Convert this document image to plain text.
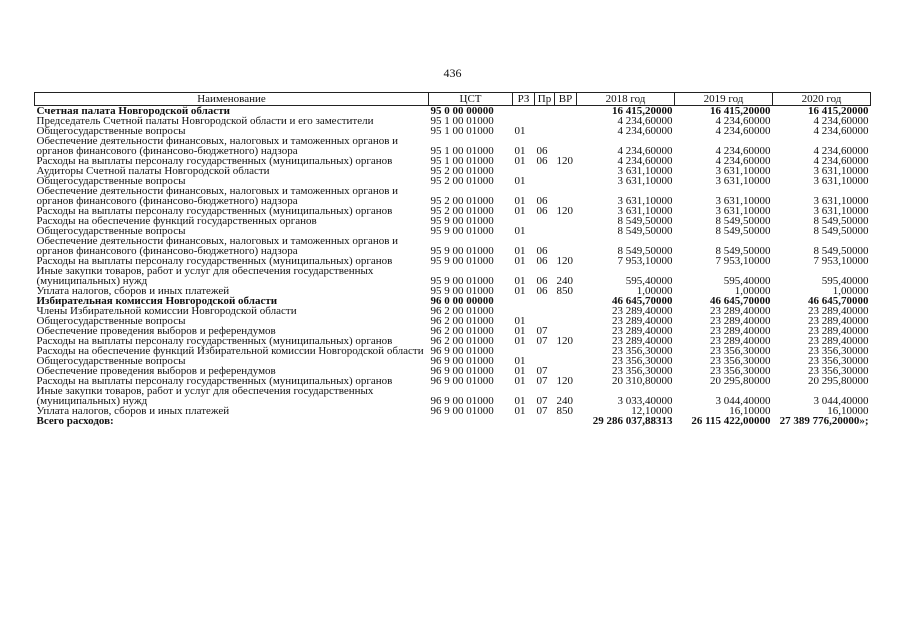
436
Наименование	ЦСТ	РЗ	Пр	ВР	2018 год	2019 год	2020 год
Счетная палата Новгородской области	95 0 00 00000				16 415,20000	16 415,20000	16 415,20000
Председатель Счетной палаты Новгородской области и его заместители	95 1 00 01000				4 234,60000	4 234,60000	4 234,60000
Общегосударственные вопросы	95 1 00 01000	01			4 234,60000	4 234,60000	4 234,60000
Обеспечение деятельности финансовых, налоговых и таможенных органов и органов финансового (финансово-бюджетного) надзора	95 1 00 01000	01	06		4 234,60000	4 234,60000	4 234,60000
Расходы на выплаты персоналу государственных (муниципальных) органов	95 1 00 01000	01	06	120	4 234,60000	4 234,60000	4 234,60000
Аудиторы Счетной палаты Новгородской области	95 2 00 01000				3 631,10000	3 631,10000	3 631,10000
Общегосударственные вопросы	95 2 00 01000	01			3 631,10000	3 631,10000	3 631,10000
Обеспечение деятельности финансовых, налоговых и таможенных органов и органов финансового (финансово-бюджетного) надзора	95 2 00 01000	01	06		3 631,10000	3 631,10000	3 631,10000
Расходы на выплаты персоналу государственных (муниципальных) органов	95 2 00 01000	01	06	120	3 631,10000	3 631,10000	3 631,10000
Расходы на обеспечение функций государственных органов	95 9 00 01000				8 549,50000	8 549,50000	8 549,50000
Общегосударственные вопросы	95 9 00 01000	01			8 549,50000	8 549,50000	8 549,50000
Обеспечение деятельности финансовых, налоговых и таможенных органов и органов финансового (финансово-бюджетного) надзора	95 9 00 01000	01	06		8 549,50000	8 549,50000	8 549,50000
Расходы на выплаты персоналу государственных (муниципальных) органов	95 9 00 01000	01	06	120	7 953,10000	7 953,10000	7 953,10000
Иные закупки товаров, работ и услуг для обеспечения государственных (муниципальных) нужд	95 9 00 01000	01	06	240	595,40000	595,40000	595,40000
Уплата налогов, сборов и иных платежей	95 9 00 01000	01	06	850	1,00000	1,00000	1,00000
Избирательная комиссия Новгородской области	96 0 00 00000				46 645,70000	46 645,70000	46 645,70000
Члены Избирательной комиссии Новгородской области	96 2 00 01000				23 289,40000	23 289,40000	23 289,40000
Общегосударственные вопросы	96 2 00 01000	01			23 289,40000	23 289,40000	23 289,40000
Обеспечение проведения выборов и референдумов	96 2 00 01000	01	07		23 289,40000	23 289,40000	23 289,40000
Расходы на выплаты персоналу государственных (муниципальных) органов	96 2 00 01000	01	07	120	23 289,40000	23 289,40000	23 289,40000
Расходы на обеспечение функций Избирательной комиссии Новгородской области	96 9 00 01000				23 356,30000	23 356,30000	23 356,30000
Общегосударственные вопросы	96 9 00 01000	01			23 356,30000	23 356,30000	23 356,30000
Обеспечение проведения выборов и референдумов	96 9 00 01000	01	07		23 356,30000	23 356,30000	23 356,30000
Расходы на выплаты персоналу государственных (муниципальных) органов	96 9 00 01000	01	07	120	20 310,80000	20 295,80000	20 295,80000
Иные закупки товаров, работ и услуг для обеспечения государственных (муниципальных) нужд	96 9 00 01000	01	07	240	3 033,40000	3 044,40000	3 044,40000
Уплата налогов, сборов и иных платежей	96 9 00 01000	01	07	850	12,10000	16,10000	16,10000
Всего расходов:					29 286 037,88313	26 115 422,00000	27 389 776,20000»;
